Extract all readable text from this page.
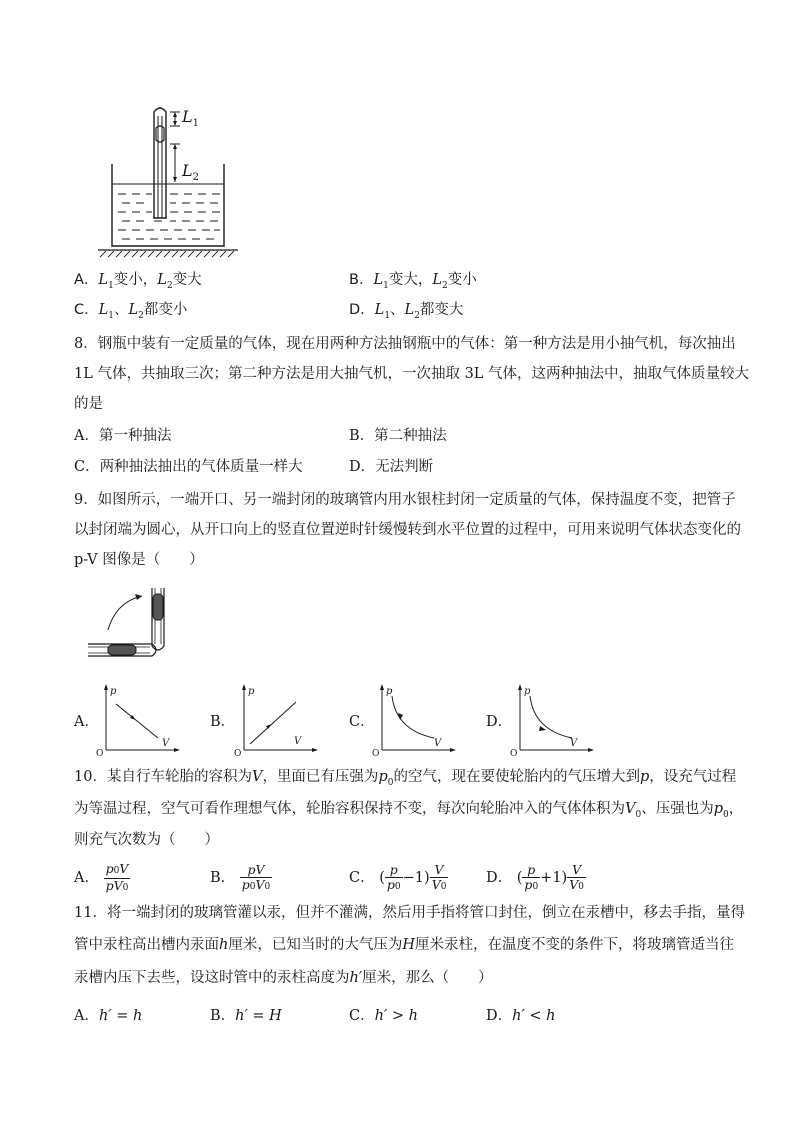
$L_1$
$L_2$
A．$L_1$变小，$L_2$变大	B．$L_1$变大，$L_2$变小
C．$L_1$、$L_2$都变小	D．$L_1$、$L_2$都变大
8．钢瓶中装有一定质量的气体，现在用两种方法抽钢瓶中的气体：第一种方法是用小抽气机，每次抽出
1L 气体，共抽取三次；第二种方法是用大抽气机，一次抽取 3L 气体，这两种抽法中，抽取气体质量较大
的是
A．第一种抽法	B．第二种抽法
C．两种抽法抽出的气体质量一样大	D．无法判断
9．如图所示，一端开口、另一端封闭的玻璃管内用水银柱封闭一定质量的气体，保持温度不变，把管子
以封闭端为圆心，从开口向上的竖直位置逆时针缓慢转到水平位置的过程中，可用来说明气体状态变化的
p-V 图像是（　　）
A．	B．	C．	D．
p
V
O
p
V
O
p
V
O
p
V
O
10．某自行车轮胎的容积为V，里面已有压强为$p_0$的空气，现在要使轮胎内的气压增大到p，设充气过程
为等温过程，空气可看作理想气体，轮胎容积保持不变，每次向轮胎冲入的气体体积为$V_0$、压强也为$p_0$，
则充气次数为（　　）
A． $\frac{p0V}{pV0}$	B． $\frac{pV}{p0V0}$	C． ( $\frac{p}{p0} -1) \frac{V}{V0}$	D． ( $\frac{p}{p0} +1) \frac{V}{V0}$
11．将一端封闭的玻璃管灌以汞，但并不灌满，然后用手指将管口封住，倒立在汞槽中，移去手指，量得
管中汞柱高出槽内汞面h厘米，已知当时的大气压为H厘米汞柱，在温度不变的条件下，将玻璃管适当往
汞槽内压下去些，设这时管中的汞柱高度为h′厘米，那么（　　）
A．h′ = h	B．h′ = H	C．h′ > h	D．h′ < h
